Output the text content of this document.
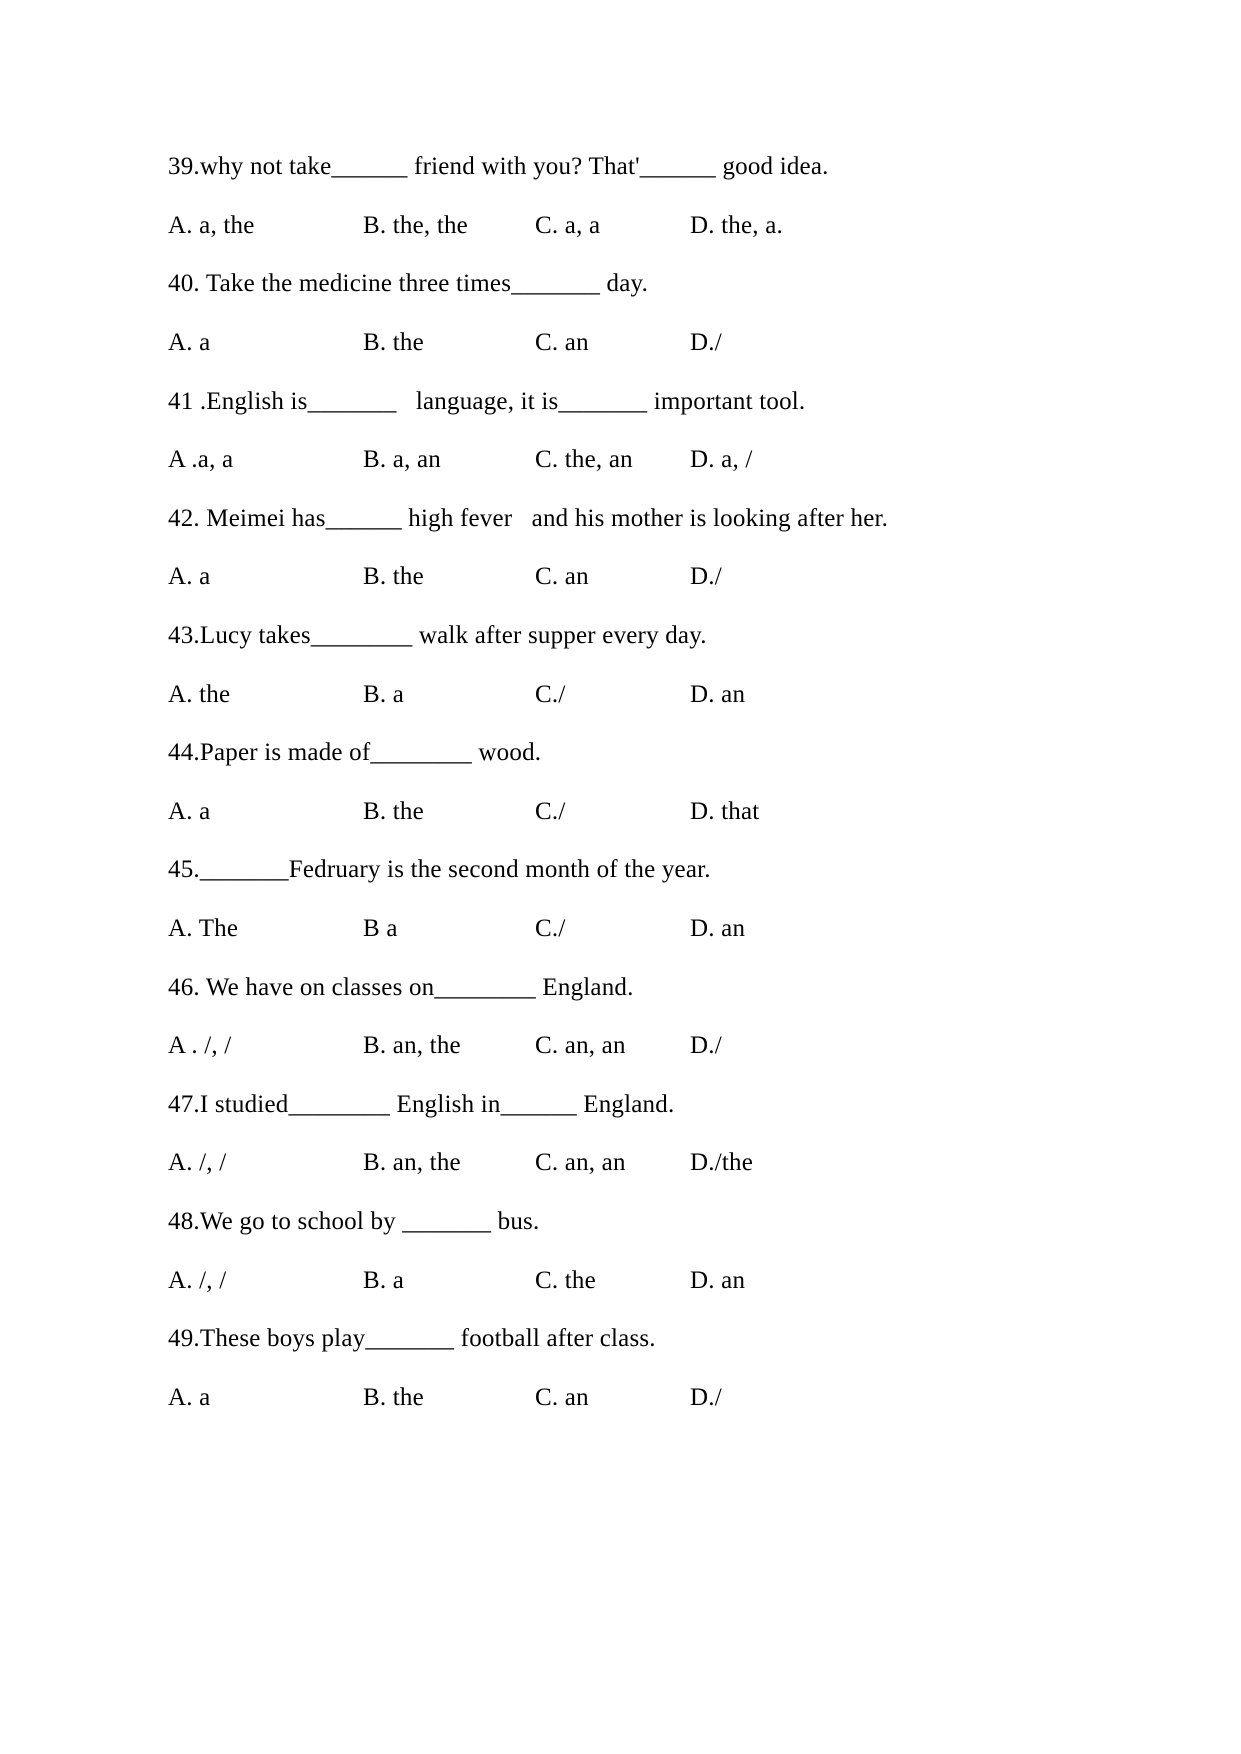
39.why not take______ friend with you? That'______ good idea.
A. a, the	B. the, the	C. a, a	D. the, a.
40. Take the medicine three times_______ day.
A. a	B. the	C. an	D./
41 .English is_______   language, it is_______ important tool.
A .a, a	B. a, an	C. the, an	D. a, /
42. Meimei has______ high fever   and his mother is looking after her.
A. a	B. the	C. an	D./
43.Lucy takes________ walk after supper every day.
A. the	B. a	C./	D. an
44.Paper is made of________ wood.
A. a	B. the	C./	D. that
45._______Fedruary is the second month of the year.
A. The	B a	C./	D. an
46. We have on classes on________ England.
A . /, /	B. an, the	C. an, an	D./
47.I studied________ English in______ England.
A. /, /	B. an, the	C. an, an	D./the
48.We go to school by _______ bus.
A. /, /	B. a	C. the	D. an
49.These boys play_______ football after class.
A. a	B. the	C. an	D./
